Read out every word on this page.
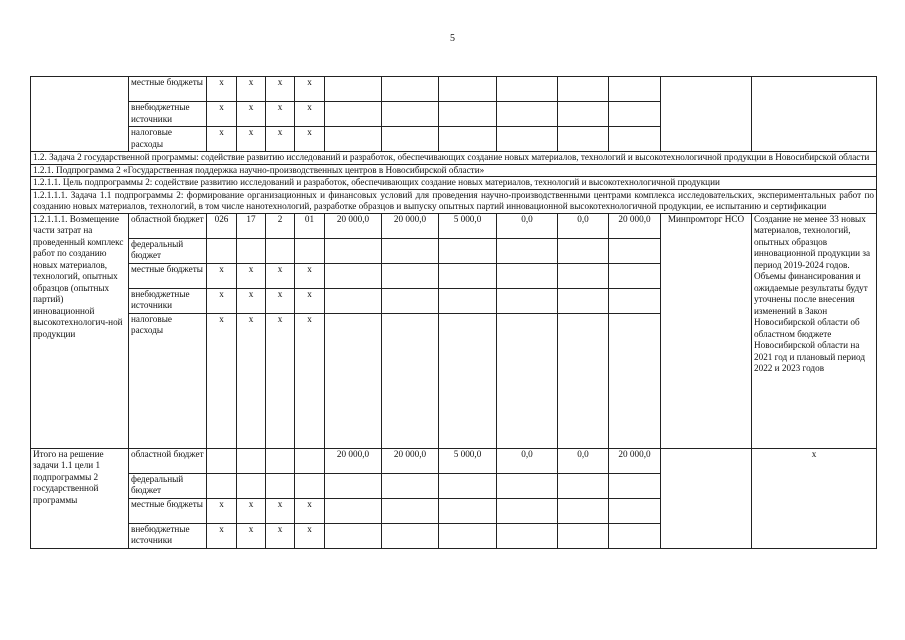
5
	местные бюджеты	x	x	x	x								
	внебюджетные источники	x	x	x	x								
	налоговые расходы	x	x	x	x								
1.2. Задача 2 государственной программы: содействие развитию исследований и разработок, обеспечивающих создание новых материалов, технологий и высокотехнологичной продукции в Новосибирской области													
1.2.1. Подпрограмма 2 «Государственная поддержка научно-производственных центров в Новосибирской области»													
1.2.1.1. Цель подпрограммы 2: содействие развитию исследований и разработок, обеспечивающих создание новых материалов, технологий и высокотехнологичной продукции													
1.2.1.1.1. Задача 1.1 подпрограммы 2: формирование организационных и финансовых условий для проведения научно-производственными центрами комплекса исследовательских, экспериментальных работ по созданию новых материалов, технологий, в том числе нанотехнологий, разработке образцов и выпуску опытных партий инновационной высокотехнологичной продукции, ее испытанию и сертификации													
1.2.1.1.1. Возмещение части затрат на проведенный комплекс работ по созданию новых материалов, технологий, опытных образцов (опытных партий) инновационной высокотехнологич-ной продукции	областной бюджет	026	17	2	01	20 000,0	20 000,0	5 000,0	0,0	0,0	20 000,0	Минпромторг НСО	Создание не менее 33 новых материалов, технологий, опытных образцов инновационной продукции за период 2019-2024 годов. Объемы финансирования и ожидаемые результаты будут уточнены после внесения изменений в Закон Новосибирской области об областном бюджете Новосибирской области на 2021 год и плановый период 2022 и 2023 годов
	федеральный бюджет												
	местные бюджеты	x	x	x	x								
	внебюджетные источники	x	x	x	x								
	налоговые расходы	x	x	x	x								
Итого на решение задачи 1.1 цели 1 подпрограммы 2 государственной программы	областной бюджет					20 000,0	20 000,0	5 000,0	0,0	0,0	20 000,0		x
	федеральный бюджет												
	местные бюджеты	x	x	x	x								
	внебюджетные источники	x	x	x	x								
